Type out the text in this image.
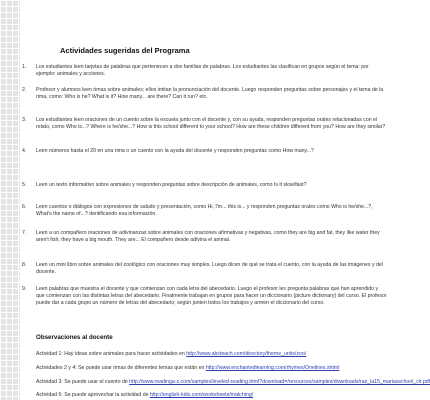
Actividades sugeridas del Programa
1.	Los estudiantes leen tarjetas de palabras que pertenecen a dos familias de palabras. Los estudiantes las clasifican en grupos según el tema: por ejemplo: animales y acciones.
2.	Profesor y alumnos leen rimas sobre animales; ellos imitan la pronunciación del docente. Luego responden preguntas sobre personajes y el tema de la rima, como: Who is he? What is it? How many... are there? Can it run? etc.
3.	Los estudiantes leen oraciones de un cuento sobre la escuela junto con el docente y, con su ayuda, responden preguntas orales relacionadas con el relato, como Who is...? Where is he/she...? How is this school different to your school? How are these children different from you? How are they similar?
4.	Leen números hasta el 20 en una rima o un cuento con la ayuda del docente y responden preguntas como How many...?
5.	Leen un texto informativo sobre animales y responden preguntas sobre descripción de animales, como Is it slow/fast?
6.	Leen cuentos o diálogos con expresiones de saludo y presentación, como Hi, I'm... this is... y responden preguntas orales como Who is he/she...?, What's the name of...? dentificando esa información.
7.	Leen a un compañero oraciones de adivinanzas sobre animales con oraciones afirmativas y negativas, como they are big and fat, they like water they aren't fish, they have a big mouth. They are... El compañero desde adivina el animal.
8.	Leen un mini libro sobre animales del zoológico con oraciones muy simples. Luego dicen de qué se trata el cuento, con la ayuda de las imágenes y del docente.
9.	Leen palabras que muestra el docente y que comienzan con cada letra del abecedario. Luego el profesor les pregunta palabras que han aprendido y que comienzan con las distintas letras del abecedario. Finalmente trabajan en grupos para hacer un diccionario (picture dictionary) del curso. El profesor puede dar a cada grupo un número de letras del abecedario; según junten todos los trabajos y armen el diccionario del curso.
Observaciones al docente
Actividad 1: Hay ideas sobre animales para hacer actividades en http://www.abcteach.com/directory/theme_units/zoo/
Actividades 2 y 4: Se puede usar rimas de diferentes temas que están en http://www.enchantedlearning.com/rhymes/Onelines.shtml
Actividad 3: Se puede usar el cuento de http://www.readinga-z.com/samples/leveled-reading.html?download=/resources/samples/downloads/raz_la15_mariasschool_clr.pdf
Actividad 6: Se puede aprovechar la actividad de http://english-kids.com/worksheets/matching/
